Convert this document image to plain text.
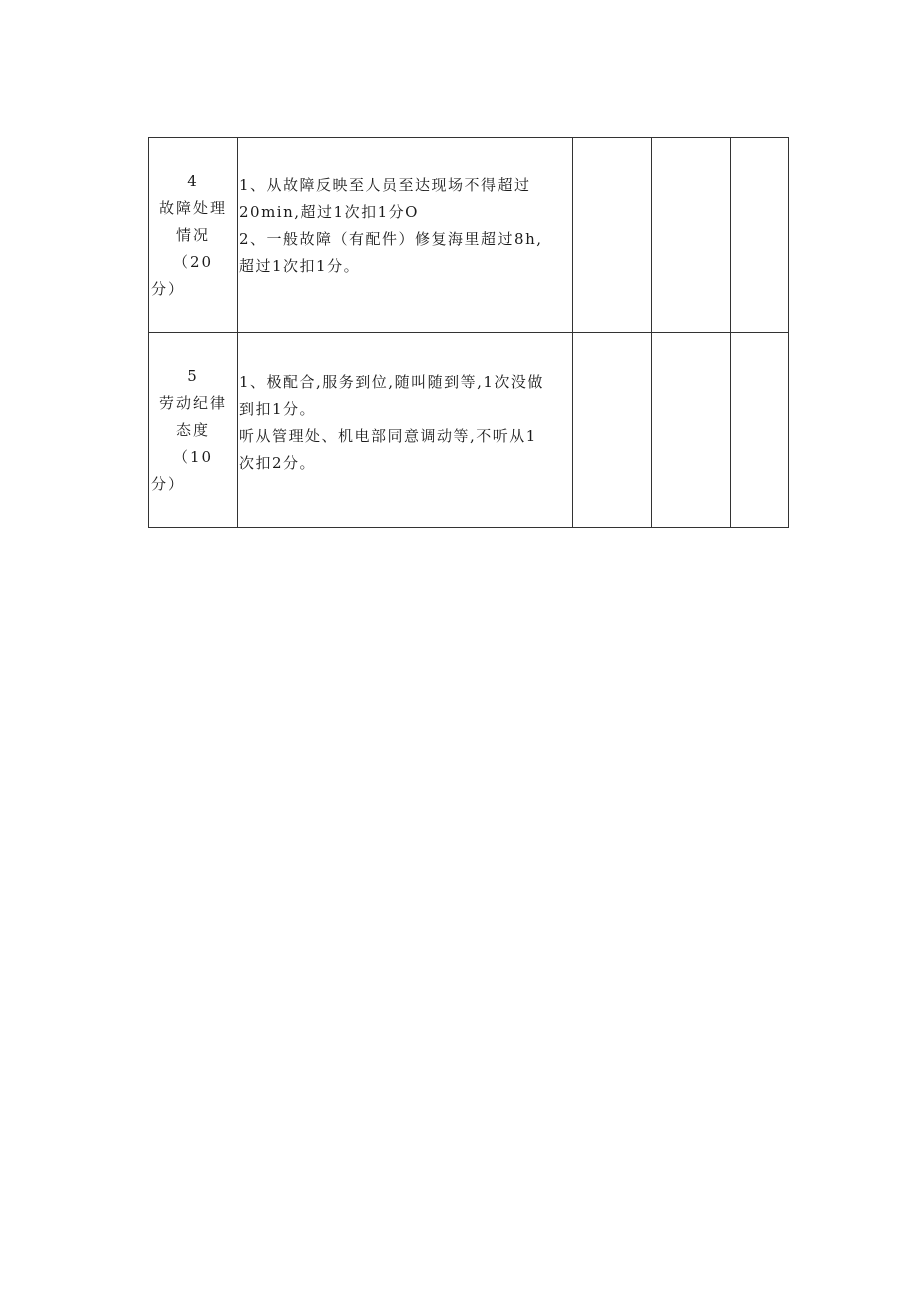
4
故障处理
情况
（20
分）	1、从故障反映至人员至达现场不得超过
20min,超过1次扣1分O
2、一般故障（有配件）修复海里超过8h,
超过1次扣1分。			

5
劳动纪律
态度
（10
分）	1、极配合,服务到位,随叫随到等,1次没做
到扣1分。
听从管理处、机电部同意调动等,不听从1
次扣2分。			
